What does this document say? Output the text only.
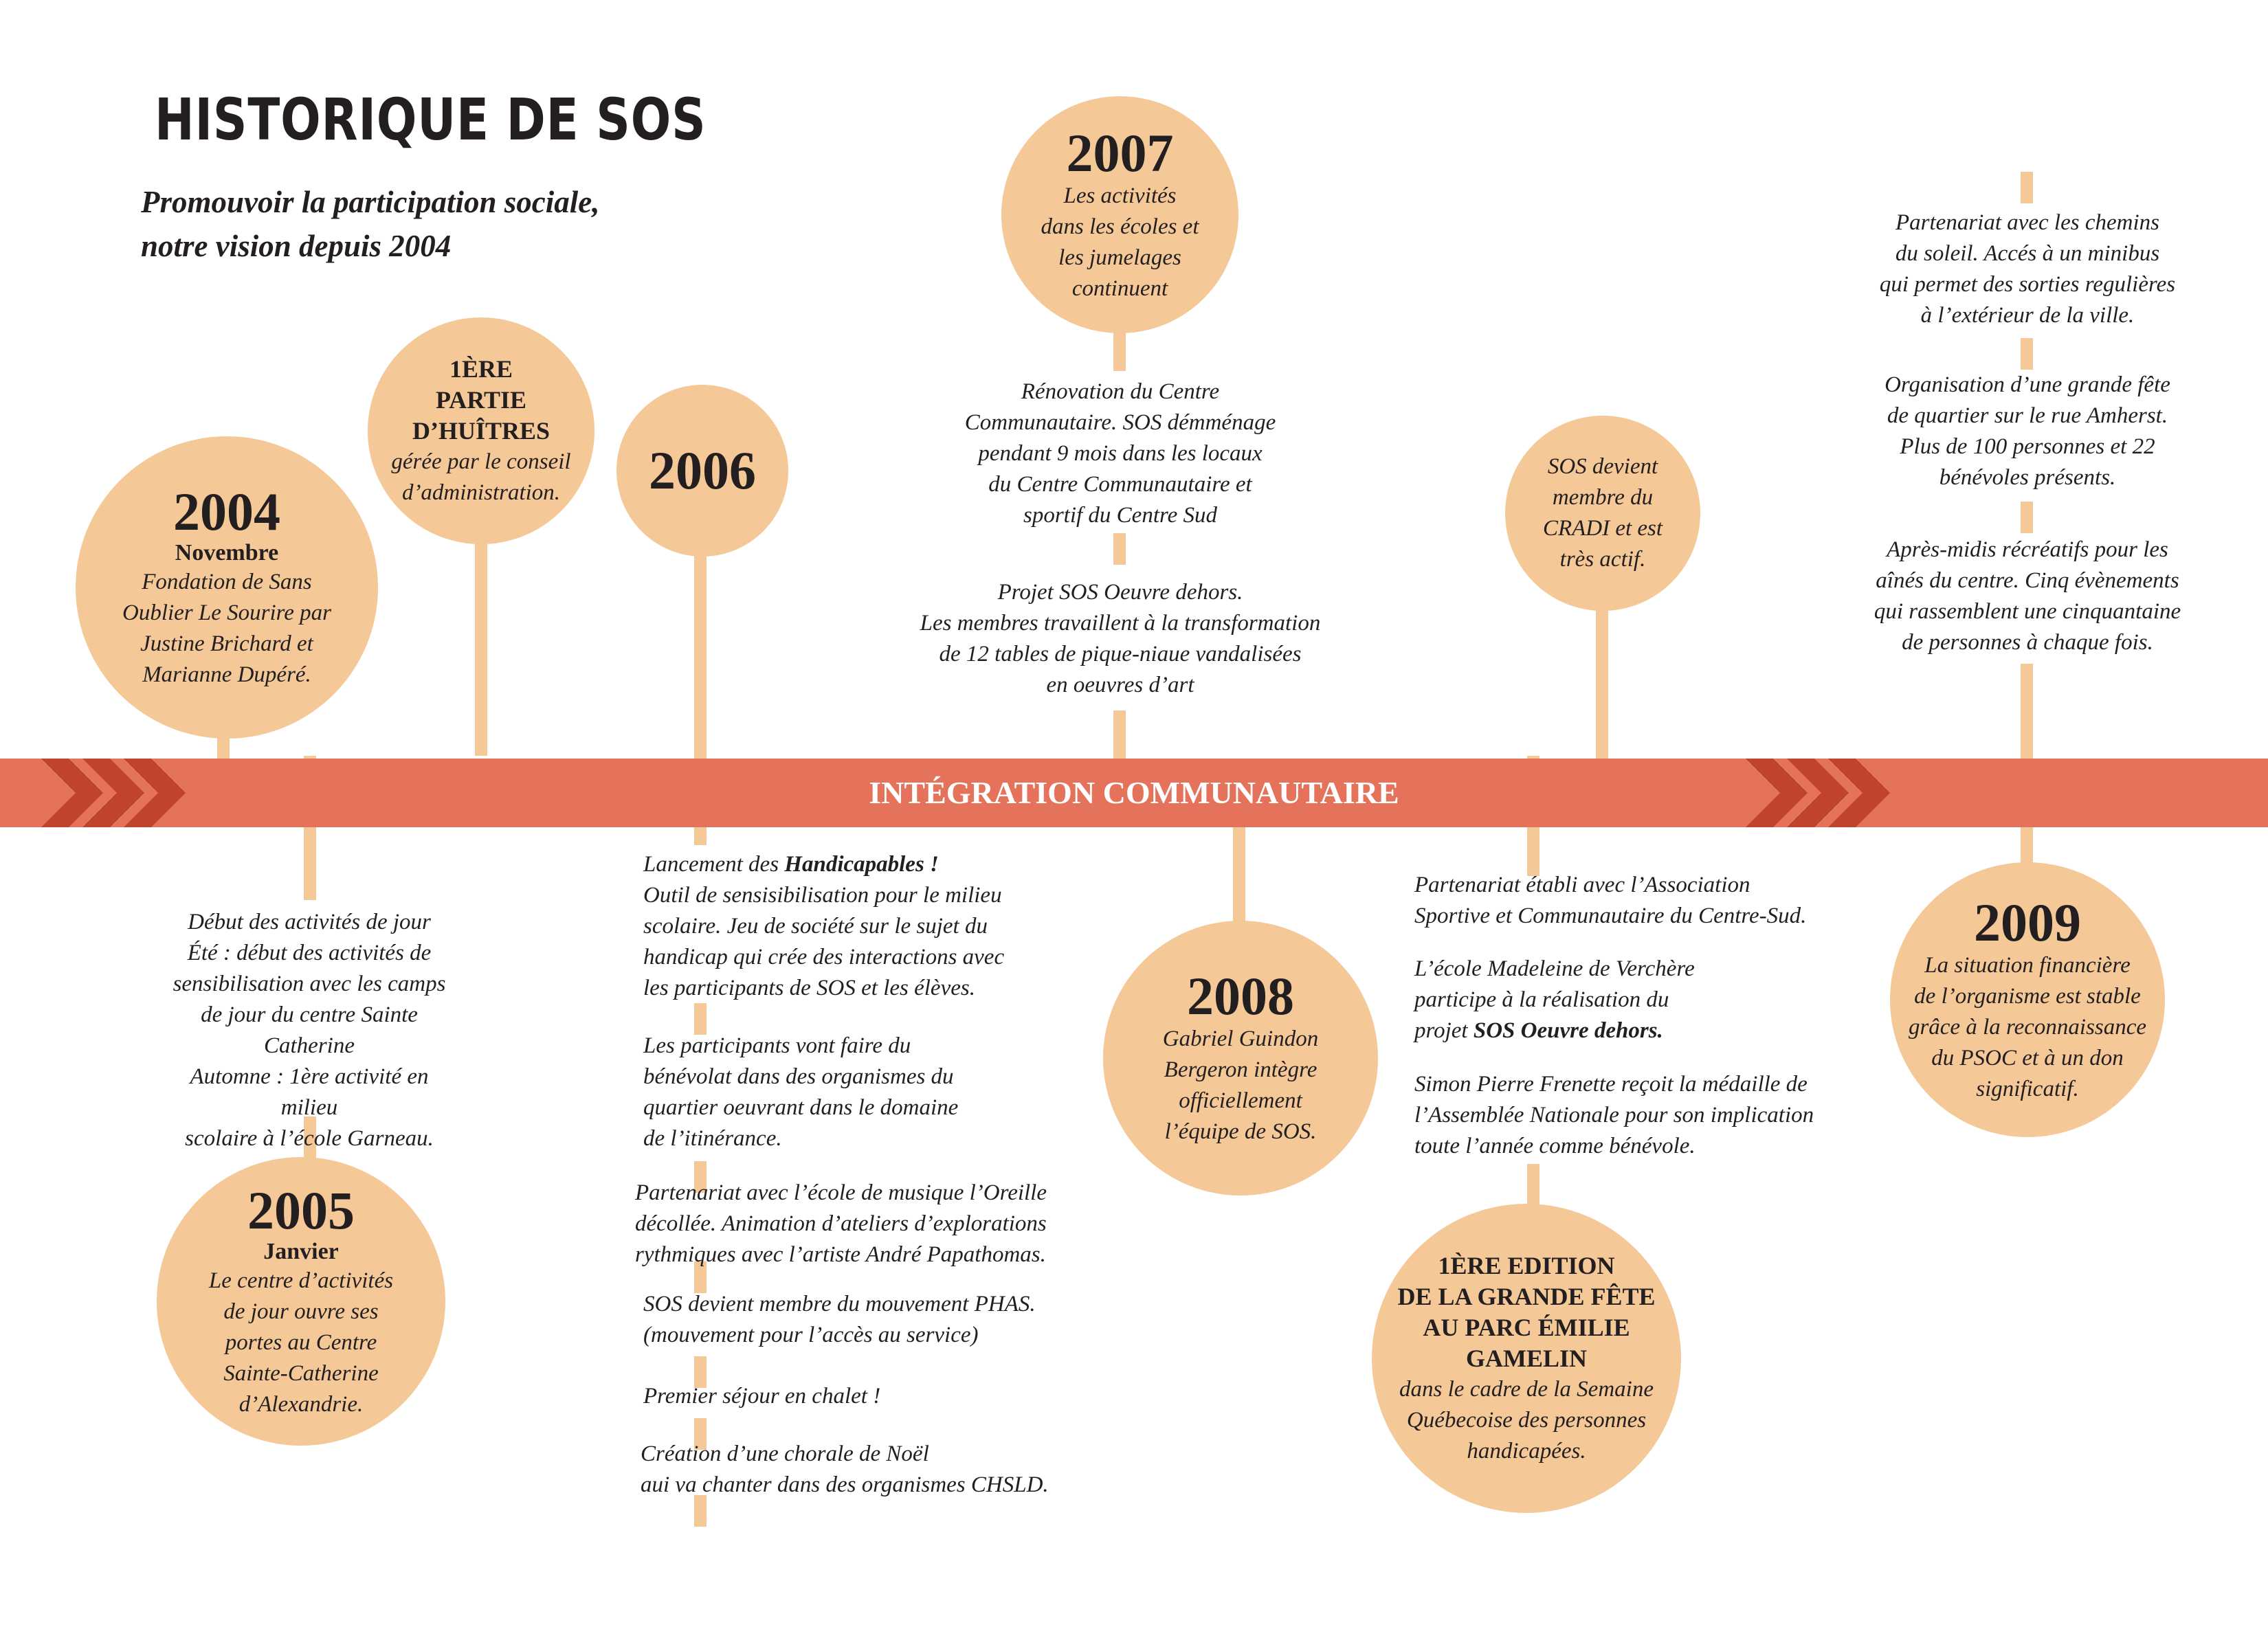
HISTORIQUE DE SOS
Promouvoir la participation sociale,
notre vision depuis 2004
INTÉGRATION COMMUNAUTAIRE
2004
Novembre
Fondation de Sans
Oublier Le Sourire par
Justine Brichard et
Marianne Dupéré.
1ÈRE
PARTIE
D’HUÎTRES
gérée par le conseil
d’administration. 2006
2007
Les activités
dans les écoles et
les jumelages
continuent
SOS devient
membre du
CRADI et est
très actif.
2005
Janvier
Le centre d’activités
de jour ouvre ses
portes au Centre
Sainte-Catherine
d’Alexandrie.
2008
Gabriel Guindon
Bergeron intègre
officiellement
l’équipe de SOS.
1ÈRE EDITION
DE LA GRANDE FÊTE
AU PARC ÉMILIE
GAMELIN
dans le cadre de la Semaine
Québecoise des personnes
handicapées.
2009
La situation financière
de l’organisme est stable
grâce à la reconnaissance
du PSOC et à un don
significatif.
Début des activités de jour
Été : début des activités de
sensibilisation avec les camps
de jour du centre Sainte Catherine
Automne : 1ère activité en milieu
scolaire à l’école Garneau.
Rénovation du Centre
Communautaire. SOS démménage
pendant 9 mois dans les locaux
du Centre Communautaire et
sportif du Centre Sud
Projet SOS Oeuvre dehors.
Les membres travaillent à la transformation
de 12 tables de pique-niaue vandalisées
en oeuvres d’art
Lancement des Handicapables !
Outil de sensisibilisation pour le milieu
scolaire. Jeu de société sur le sujet du
handicap qui crée des interactions avec
les participants de SOS et les élèves.
Les participants vont faire du
bénévolat dans des organismes du
quartier oeuvrant dans le domaine
de l’itinérance.
Partenariat avec l’école de musique l’Oreille
décollée. Animation d’ateliers d’explorations
rythmiques avec l’artiste André Papathomas.
SOS devient membre du mouvement PHAS.
(mouvement pour l’accès au service)
Premier séjour en chalet !
Création d’une chorale de Noël
aui va chanter dans des organismes CHSLD.
Partenariat établi avec l’Association
Sportive et Communautaire du Centre-Sud.
L’école Madeleine de Verchère
participe à la réalisation du
projet SOS Oeuvre dehors.
Simon Pierre Frenette reçoit la médaille de
l’Assemblée Nationale pour son implication
toute l’année comme bénévole.
Partenariat avec les chemins
du soleil. Accés à un minibus
qui permet des sorties regulières
à l’extérieur de la ville.
Organisation d’une grande fête
de quartier sur le rue Amherst.
Plus de 100 personnes et 22
bénévoles présents.
Après-midis récréatifs pour les
aînés du centre. Cinq évènements
qui rassemblent une cinquantaine
de personnes à chaque fois.
